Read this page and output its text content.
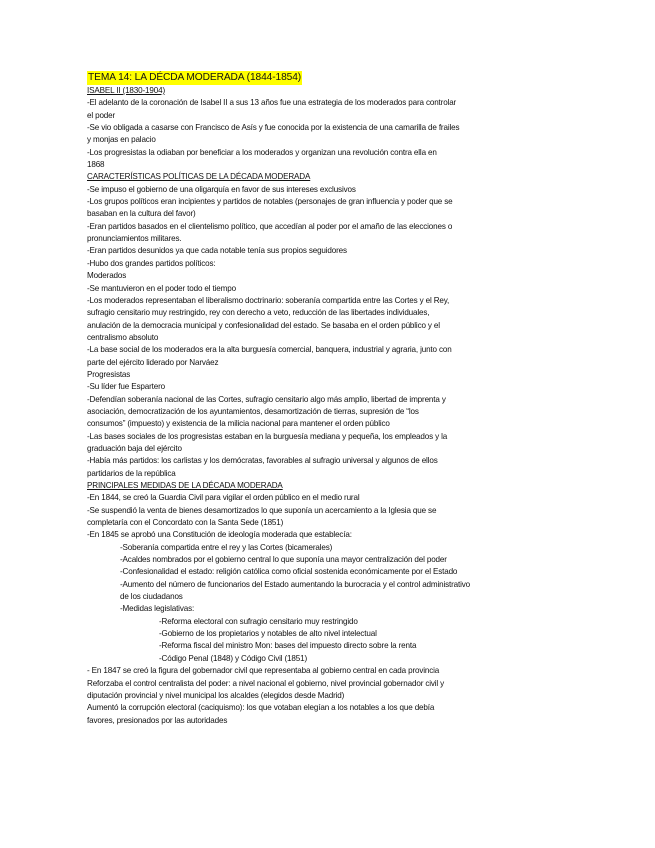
TEMA 14: LA DÉCDA MODERADA (1844-1854)
ISABEL II (1830-1904)
-El adelanto de la coronación de Isabel II a sus 13 años fue una estrategia de los moderados para controlar
el poder
-Se vio obligada a casarse con Francisco de Asís y fue conocida por la existencia de una camarilla de frailes
y monjas en palacio
-Los progresistas la odiaban por beneficiar a los moderados y organizan una revolución contra ella en
1868
CARACTERÍSTICAS POLÍTICAS DE LA DÉCADA MODERADA
-Se impuso el gobierno de una oligarquía en favor de sus intereses exclusivos
-Los grupos políticos eran incipientes y partidos de notables (personajes de gran influencia y poder que se
basaban en la cultura del favor)
-Eran partidos basados en el clientelismo político, que accedían al poder por el amaño de las elecciones o
pronunciamientos militares.
-Eran partidos desunidos ya que cada notable tenía sus propios seguidores
-Hubo dos grandes partidos políticos:
Moderados
-Se mantuvieron en el poder todo el tiempo
-Los moderados representaban el liberalismo doctrinario: soberanía compartida entre las Cortes y el Rey,
sufragio censitario muy restringido, rey con derecho a veto, reducción de las libertades individuales,
anulación de la democracia municipal y confesionalidad del estado. Se basaba en el orden público y el
centralismo absoluto
-La base social de los moderados era la alta burguesía comercial, banquera, industrial y agraria, junto con
parte del ejército liderado por Narváez
Progresistas
-Su líder fue Espartero
-Defendían soberanía nacional de las Cortes, sufragio censitario algo más amplio, libertad de imprenta y
asociación, democratización de los ayuntamientos, desamortización de tierras, supresión de “los
consumos” (impuesto) y existencia de la milicia nacional para mantener el orden público
-Las bases sociales de los progresistas estaban en la burguesía mediana y pequeña, los empleados y la
graduación baja del ejército
-Había más partidos: los carlistas y los demócratas, favorables al sufragio universal y algunos de ellos
partidarios de la república
PRINCIPALES MEDIDAS DE LA DÉCADA MODERADA
-En 1844, se creó la Guardia Civil para vigilar el orden público en el medio rural
-Se suspendió la venta de bienes desamortizados lo que suponía un acercamiento a la Iglesia que se
completaría con el Concordato con la Santa Sede (1851)
-En 1845 se aprobó una Constitución de ideología moderada que establecía:
-Soberanía compartida entre el rey y las Cortes (bicamerales)
-Acaldes nombrados por el gobierno central lo que suponía una mayor centralización del poder
-Confesionalidad el estado: religión católica como oficial sostenida económicamente por el Estado
-Aumento del número de funcionarios del Estado aumentando la burocracia y el control administrativo
de los ciudadanos
-Medidas legislativas:
-Reforma electoral con sufragio censitario muy restringido
-Gobierno de los propietarios y notables de alto nivel intelectual
-Reforma fiscal del ministro Mon: bases del impuesto directo sobre la renta
-Código Penal (1848) y Código Civil (1851)
- En 1847 se creó la figura del gobernador civil que representaba al gobierno central en cada provincia
Reforzaba el control centralista del poder: a nivel nacional el gobierno, nivel provincial gobernador civil y
diputación provincial y nivel municipal los alcaldes (elegidos desde Madrid)
Aumentó la corrupción electoral (caciquismo): los que votaban elegían a los notables a los que debía
favores, presionados por las autoridades
